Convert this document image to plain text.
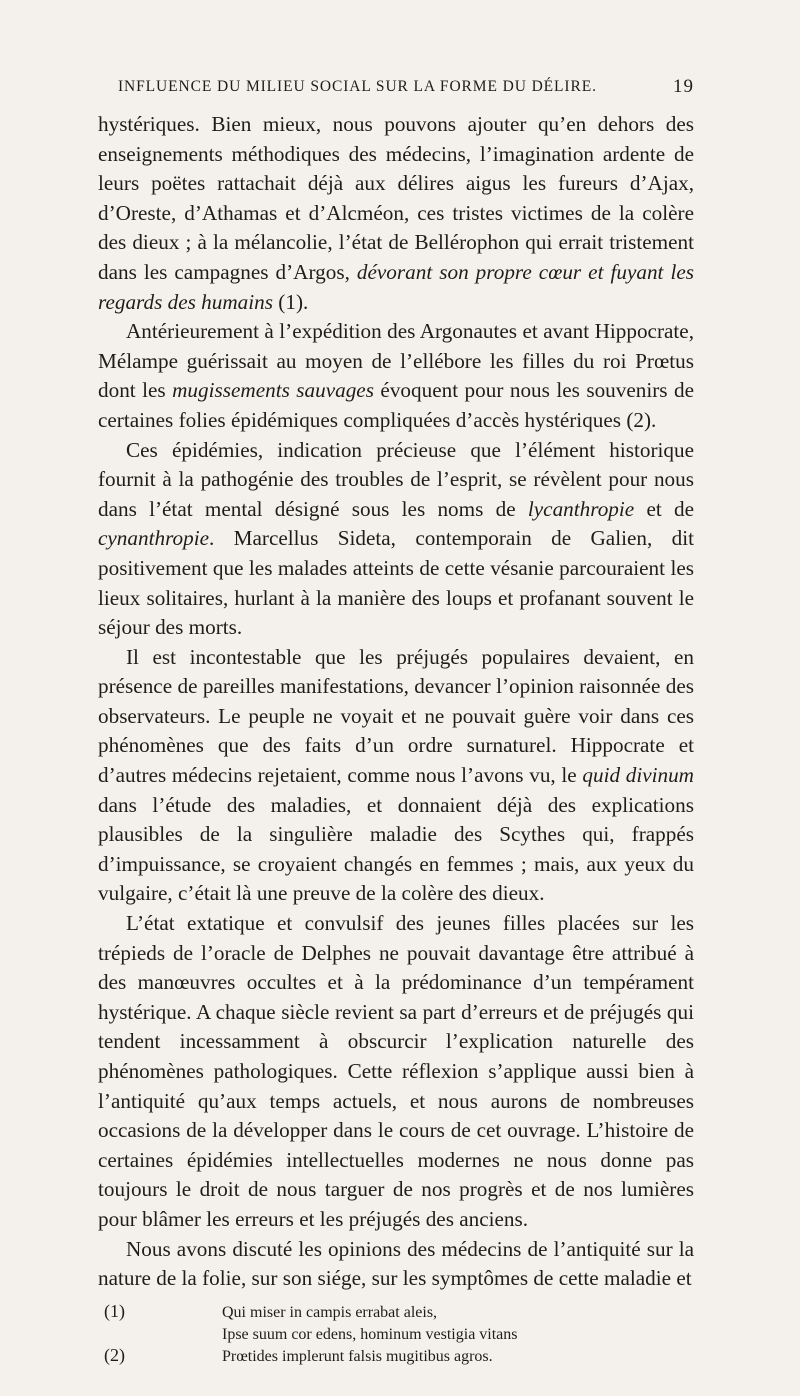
INFLUENCE DU MILIEU SOCIAL SUR LA FORME DU DÉLIRE.	19

hystériques. Bien mieux, nous pouvons ajouter qu’en dehors des enseignements méthodiques des médecins, l’imagination ardente de leurs poëtes rattachait déjà aux délires aigus les fureurs d’Ajax, d’Oreste, d’Athamas et d’Alcméon, ces tristes victimes de la colère des dieux ; à la mélancolie, l’état de Bellérophon qui errait tristement dans les campagnes d’Argos, dévorant son propre cœur et fuyant les regards des humains (1).

Antérieurement à l’expédition des Argonautes et avant Hippocrate, Mélampe guérissait au moyen de l’ellébore les filles du roi Prœtus dont les mugissements sauvages évoquent pour nous les souvenirs de certaines folies épidémiques compliquées d’accès hystériques (2).

Ces épidémies, indication précieuse que l’élément historique fournit à la pathogénie des troubles de l’esprit, se révèlent pour nous dans l’état mental désigné sous les noms de lycanthropie et de cynanthropie. Marcellus Sideta, contemporain de Galien, dit positivement que les malades atteints de cette vésanie parcouraient les lieux solitaires, hurlant à la manière des loups et profanant souvent le séjour des morts.

Il est incontestable que les préjugés populaires devaient, en présence de pareilles manifestations, devancer l’opinion raisonnée des observateurs. Le peuple ne voyait et ne pouvait guère voir dans ces phénomènes que des faits d’un ordre surnaturel. Hippocrate et d’autres médecins rejetaient, comme nous l’avons vu, le quid divinum dans l’étude des maladies, et donnaient déjà des explications plausibles de la singulière maladie des Scythes qui, frappés d’impuissance, se croyaient changés en femmes ; mais, aux yeux du vulgaire, c’était là une preuve de la colère des dieux.

L’état extatique et convulsif des jeunes filles placées sur les trépieds de l’oracle de Delphes ne pouvait davantage être attribué à des manœuvres occultes et à la prédominance d’un tempérament hystérique. A chaque siècle revient sa part d’erreurs et de préjugés qui tendent incessamment à obscurcir l’explication naturelle des phénomènes pathologiques. Cette réflexion s’applique aussi bien à l’antiquité qu’aux temps actuels, et nous aurons de nombreuses occasions de la développer dans le cours de cet ouvrage. L’histoire de certaines épidémies intellectuelles modernes ne nous donne pas toujours le droit de nous targuer de nos progrès et de nos lumières pour blâmer les erreurs et les préjugés des anciens.

Nous avons discuté les opinions des médecins de l’antiquité sur la nature de la folie, sur son siége, sur les symptômes de cette maladie et

(1)	Qui miser in campis errabat aleis,
Ipse suum cor edens, hominum vestigia vitans
(2)	Prœtides implerunt falsis mugitibus agros.
